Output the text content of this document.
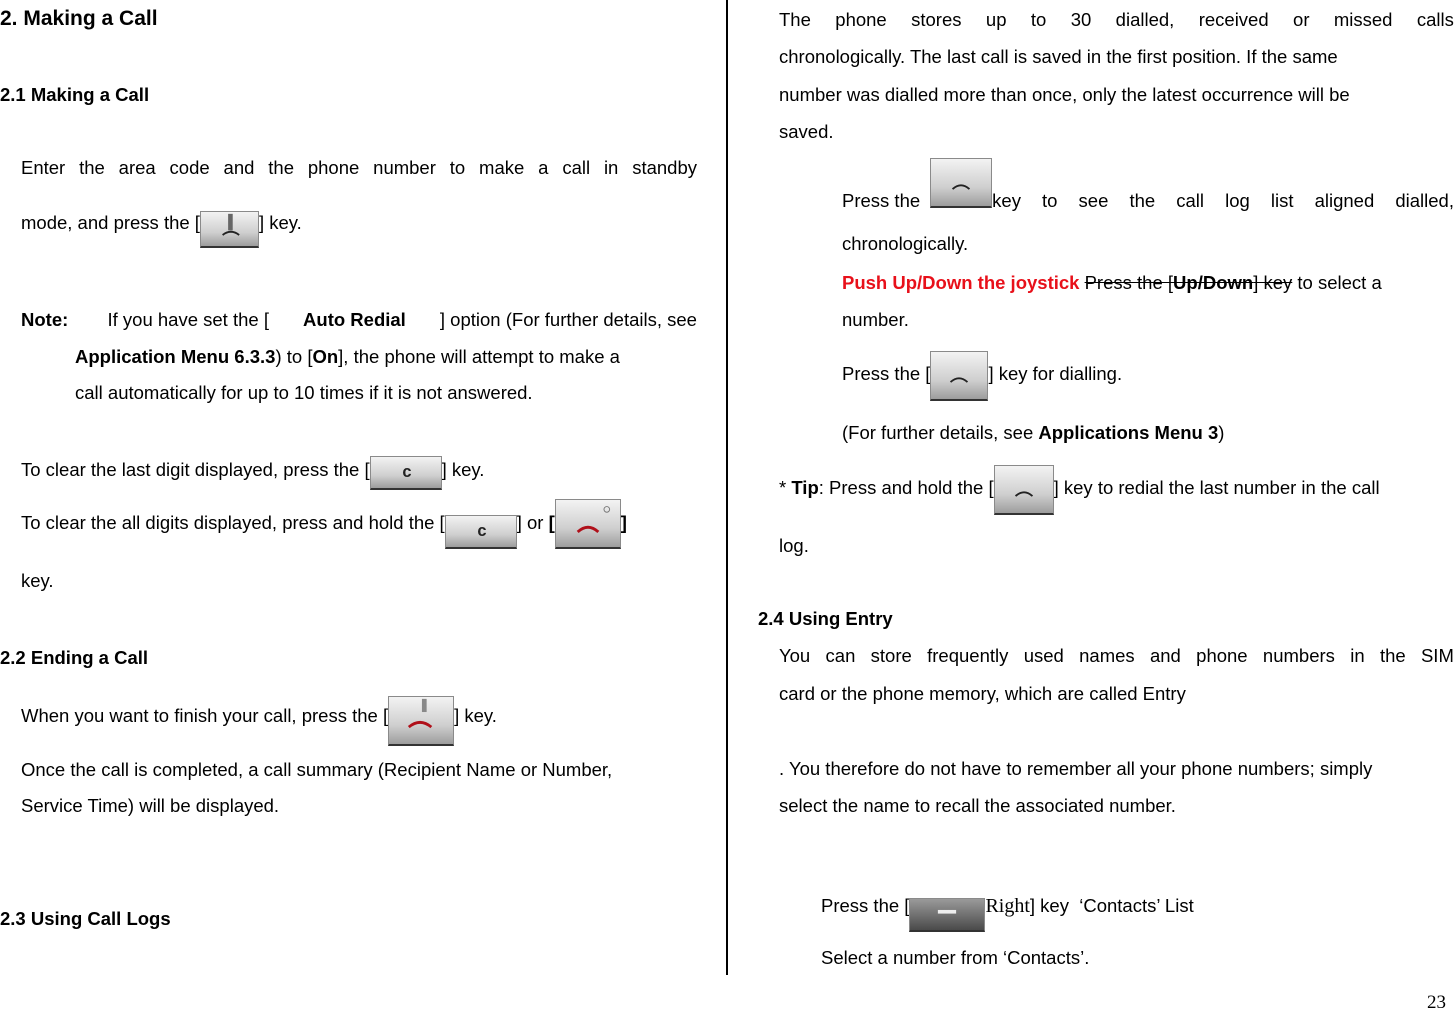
2. Making a Call
2.1 Making a Call
Enter the area code and the phone number to make a call in standby
mode, and press the [	] key.
Note: If you have set the [ Auto Redial ] option (For further details, see
Application Menu 6.3.3) to [On], the phone will attempt to make a
call automatically for up to 10 times if it is not answered.
To clear the last digit displayed, press the [ c ] key.
To clear the all digits displayed, press and hold the [ c ] or [	]
key.
2.2 Ending a Call
When you want to finish your call, press the [	] key.
Once the call is completed, a call summary (Recipient Name or Number,
Service Time) will be displayed.
2.3 Using Call Logs
The phone stores up to 30 dialled, received or missed calls
chronologically. The last call is saved in the first position. If the same
number was dialled more than once, only the latest occurrence will be
saved.
Press the	key to see the call log list aligned dialled,
chronologically.
Push Up/Down the joystick Press the [Up/Down] key to select a
number.
Press the [	] key for dialling.
(For further details, see Applications Menu 3)
* Tip: Press and hold the [	] key to redial the last number in the call
log.
2.4 Using Entry
You can store frequently used names and phone numbers in the SIM
card or the phone memory, which are called Entry
. You therefore do not have to remember all your phone numbers; simply
select the name to recall the associated number.
Press the [	Right] key  ‘Contacts’ List
Select a number from ‘Contacts’.
23
